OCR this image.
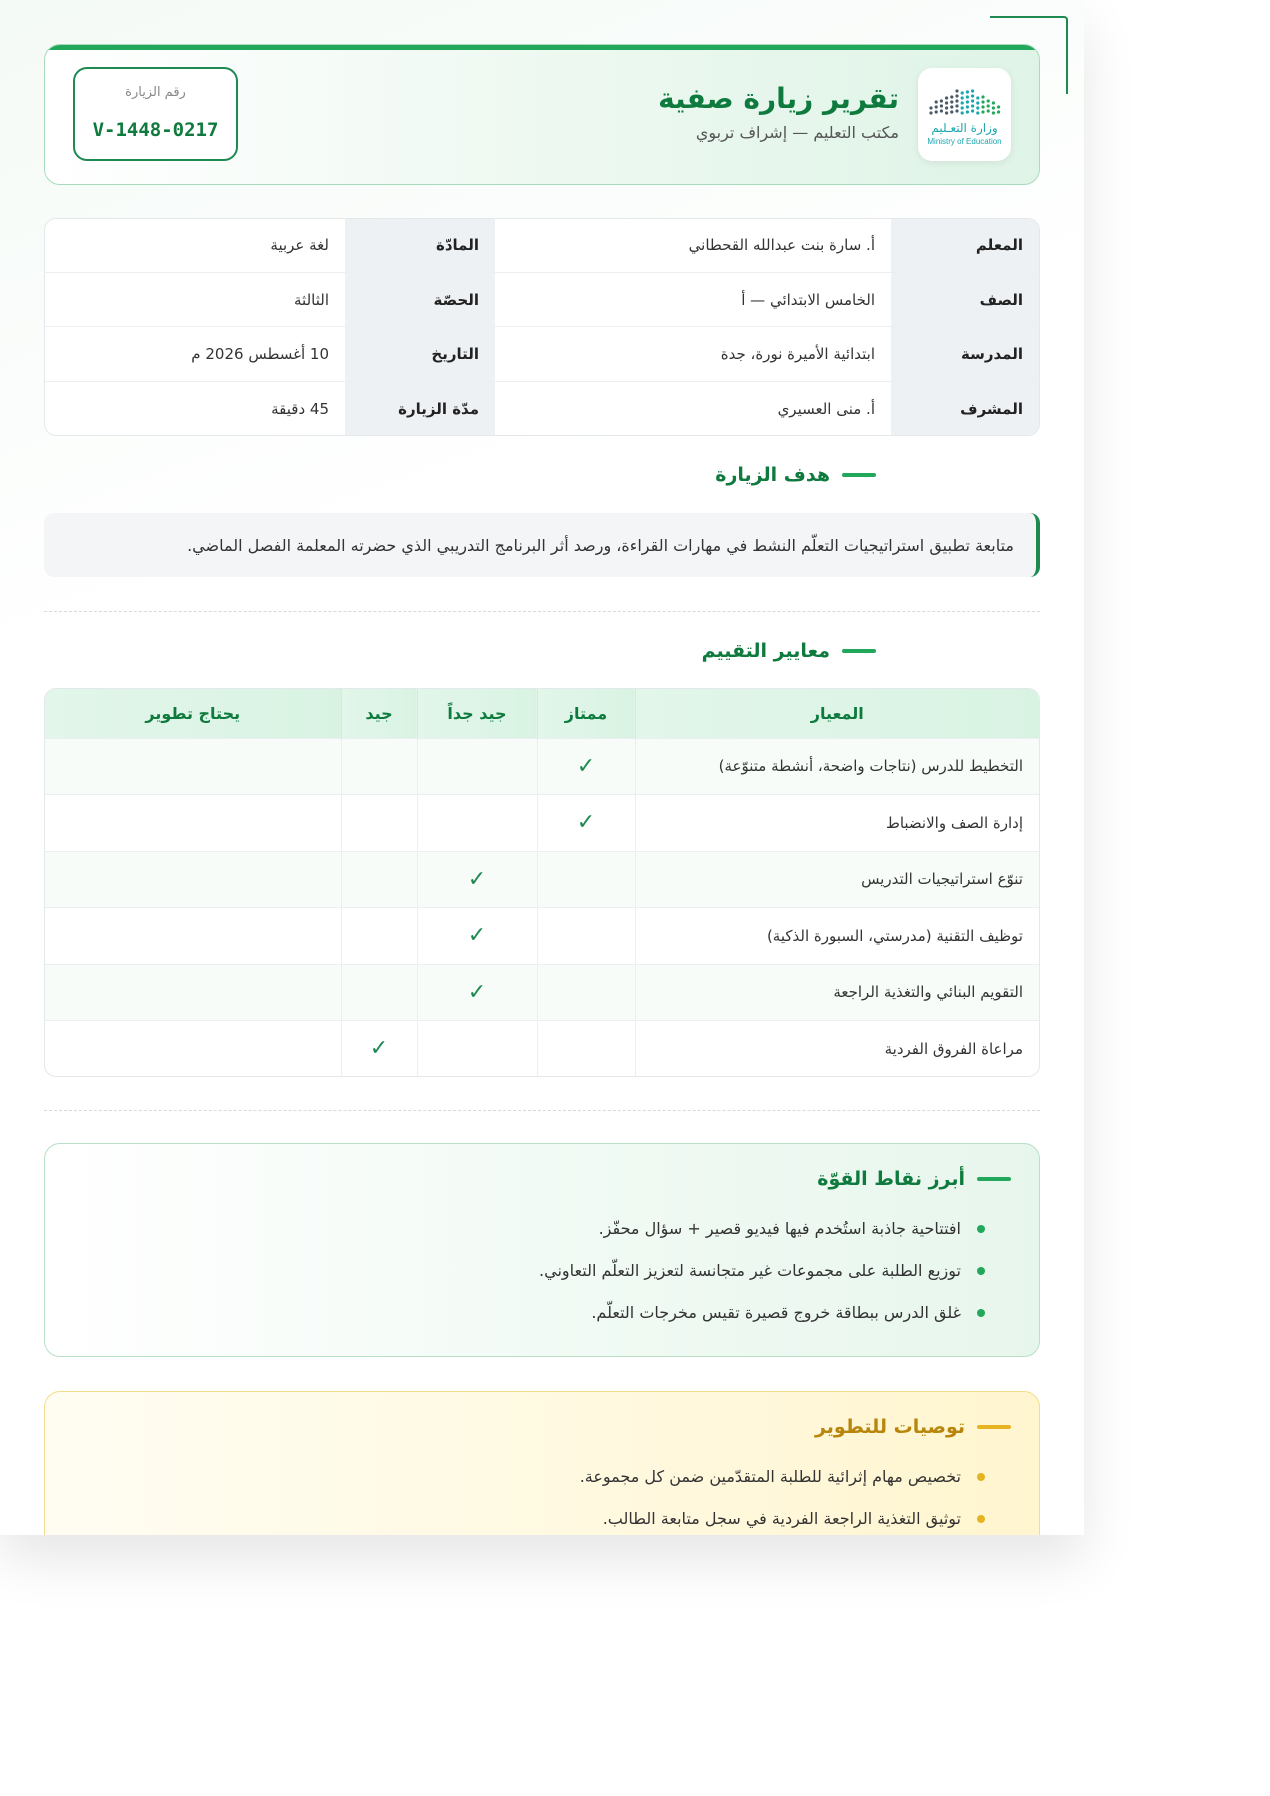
وزارة التعـليم
Ministry of Education
تقرير زيارة صفية
مكتب التعليم — إشراف تربوي
رقم الزيارة
V-1448-0217
المعلم	أ. سارة بنت عبدالله القحطاني	المادّة	لغة عربية
الصف	الخامس الابتدائي — أ	الحصّة	الثالثة
المدرسة	ابتدائية الأميرة نورة، جدة	التاريخ	10 أغسطس 2026 م
المشرف	أ. منى العسيري	مدّة الزيارة	45 دقيقة
هدف الزيارة
متابعة تطبيق استراتيجيات التعلّم النشط في مهارات القراءة، ورصد أثر البرنامج التدريبي الذي حضرته المعلمة الفصل الماضي.
معايير التقييم
المعيار	ممتاز	جيد جداً	جيد	يحتاج تطوير
التخطيط للدرس (نتاجات واضحة، أنشطة متنوّعة)	✓			
إدارة الصف والانضباط	✓			
تنوّع استراتيجيات التدريس		✓		
توظيف التقنية (مدرستي، السبورة الذكية)		✓		
التقويم البنائي والتغذية الراجعة		✓		
مراعاة الفروق الفردية			✓	
أبرز نقاط القوّة
افتتاحية جاذبة استُخدم فيها فيديو قصير + سؤال محفّز.
توزيع الطلبة على مجموعات غير متجانسة لتعزيز التعلّم التعاوني.
غلق الدرس ببطاقة خروج قصيرة تقيس مخرجات التعلّم.
توصيات للتطوير
تخصيص مهام إثرائية للطلبة المتقدّمين ضمن كل مجموعة.
توثيق التغذية الراجعة الفردية في سجل متابعة الطالب.
